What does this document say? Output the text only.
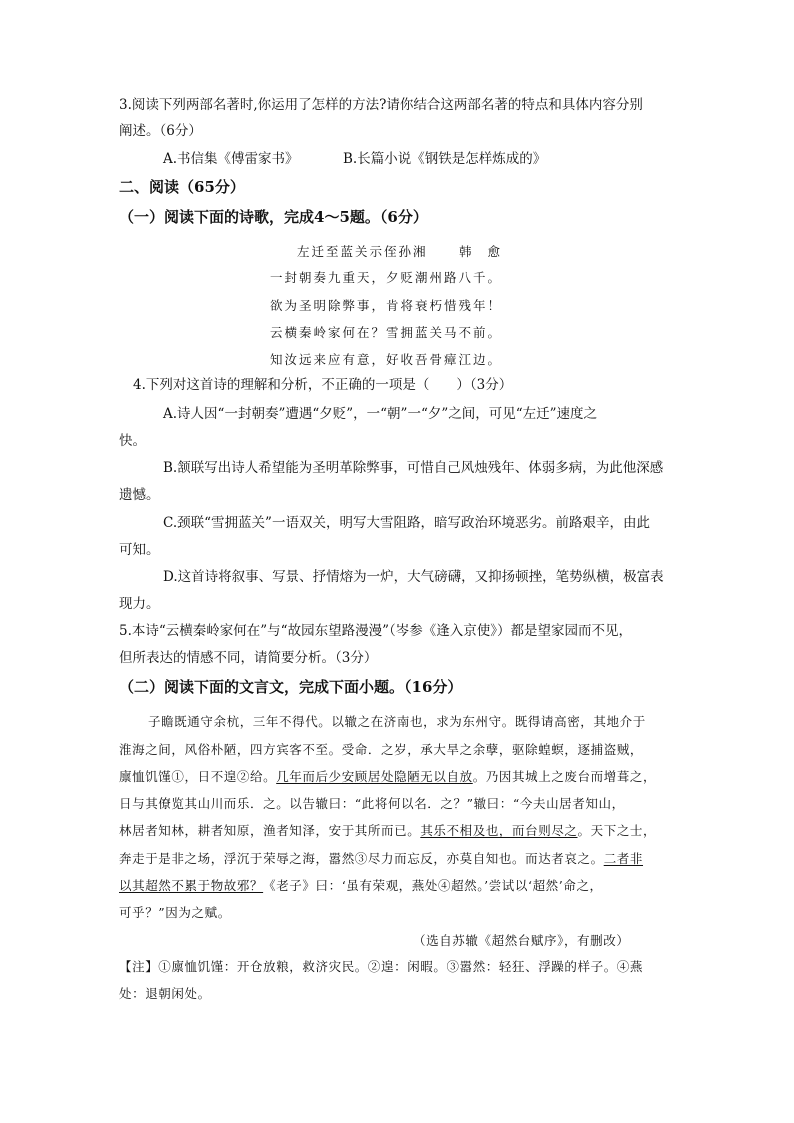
3.阅读下列两部名著时,你运用了怎样的方法?请你结合这两部名著的特点和具体内容分别
阐述。（6分）
A.书信集《傅雷家书》	B.长篇小说《钢铁是怎样炼成的》
二、阅读（65分）
（一）阅读下面的诗歌，完成4～5题。（6分）
左迁至蓝关示侄孙湘	韩 愈
一封朝奏九重天，夕贬潮州路八千。
欲为圣明除弊事，肯将衰朽惜残年！
云横秦岭家何在？雪拥蓝关马不前。
知汝远来应有意，好收吾骨瘴江边。
4.下列对这首诗的理解和分析，不正确的一项是（　　）（3分）
A.诗人因“一封朝奏”遭遇“夕贬”，一“朝”一“夕”之间，可见“左迁”速度之
快。
B.颔联写出诗人希望能为圣明革除弊事，可惜自己风烛残年、体弱多病，为此他深感
遗憾。
C.颈联“雪拥蓝关”一语双关，明写大雪阻路，暗写政治环境恶劣。前路艰辛，由此
可知。
D.这首诗将叙事、写景、抒情熔为一炉，大气磅礴，又抑扬顿挫，笔势纵横，极富表
现力。
5.本诗“云横秦岭家何在”与“故园东望路漫漫”（岑参《逢入京使》）都是望家园而不见，
但所表达的情感不同，请简要分析。（3分）
（二）阅读下面的文言文，完成下面小题。（16分）
子瞻既通守余杭，三年不得代。以辙之在济南也，求为东州守。既得请高密，其地介于
淮海之间，风俗朴陋，四方宾客不至。受命．之岁，承大旱之余孽，驱除蝗螟，逐捕盗贼，
廪恤饥馑①，日不遑②给。几年而后少安顾居处隐陋无以自放。乃因其城上之废台而增葺之，
日与其僚览其山川而乐．之。以告辙曰：“此将何以名．之？”辙曰：“今夫山居者知山，
林居者知林，耕者知原，渔者知泽，安于其所而已。其乐不相及也，而台则尽之。天下之士，
奔走于是非之场，浮沉于荣辱之海，嚣然③尽力而忘反，亦莫自知也。而达者哀之。二者非
以其超然不累于物故邪？《老子》曰：‘虽有荣观，燕处④超然。’尝试以‘超然’命之，
可乎？”因为之赋。
（选自苏辙《超然台赋序》，有删改）
【注】①廪恤饥馑：开仓放粮，救济灾民。②遑：闲暇。③嚣然：轻狂、浮躁的样子。④燕
处：退朝闲处。
